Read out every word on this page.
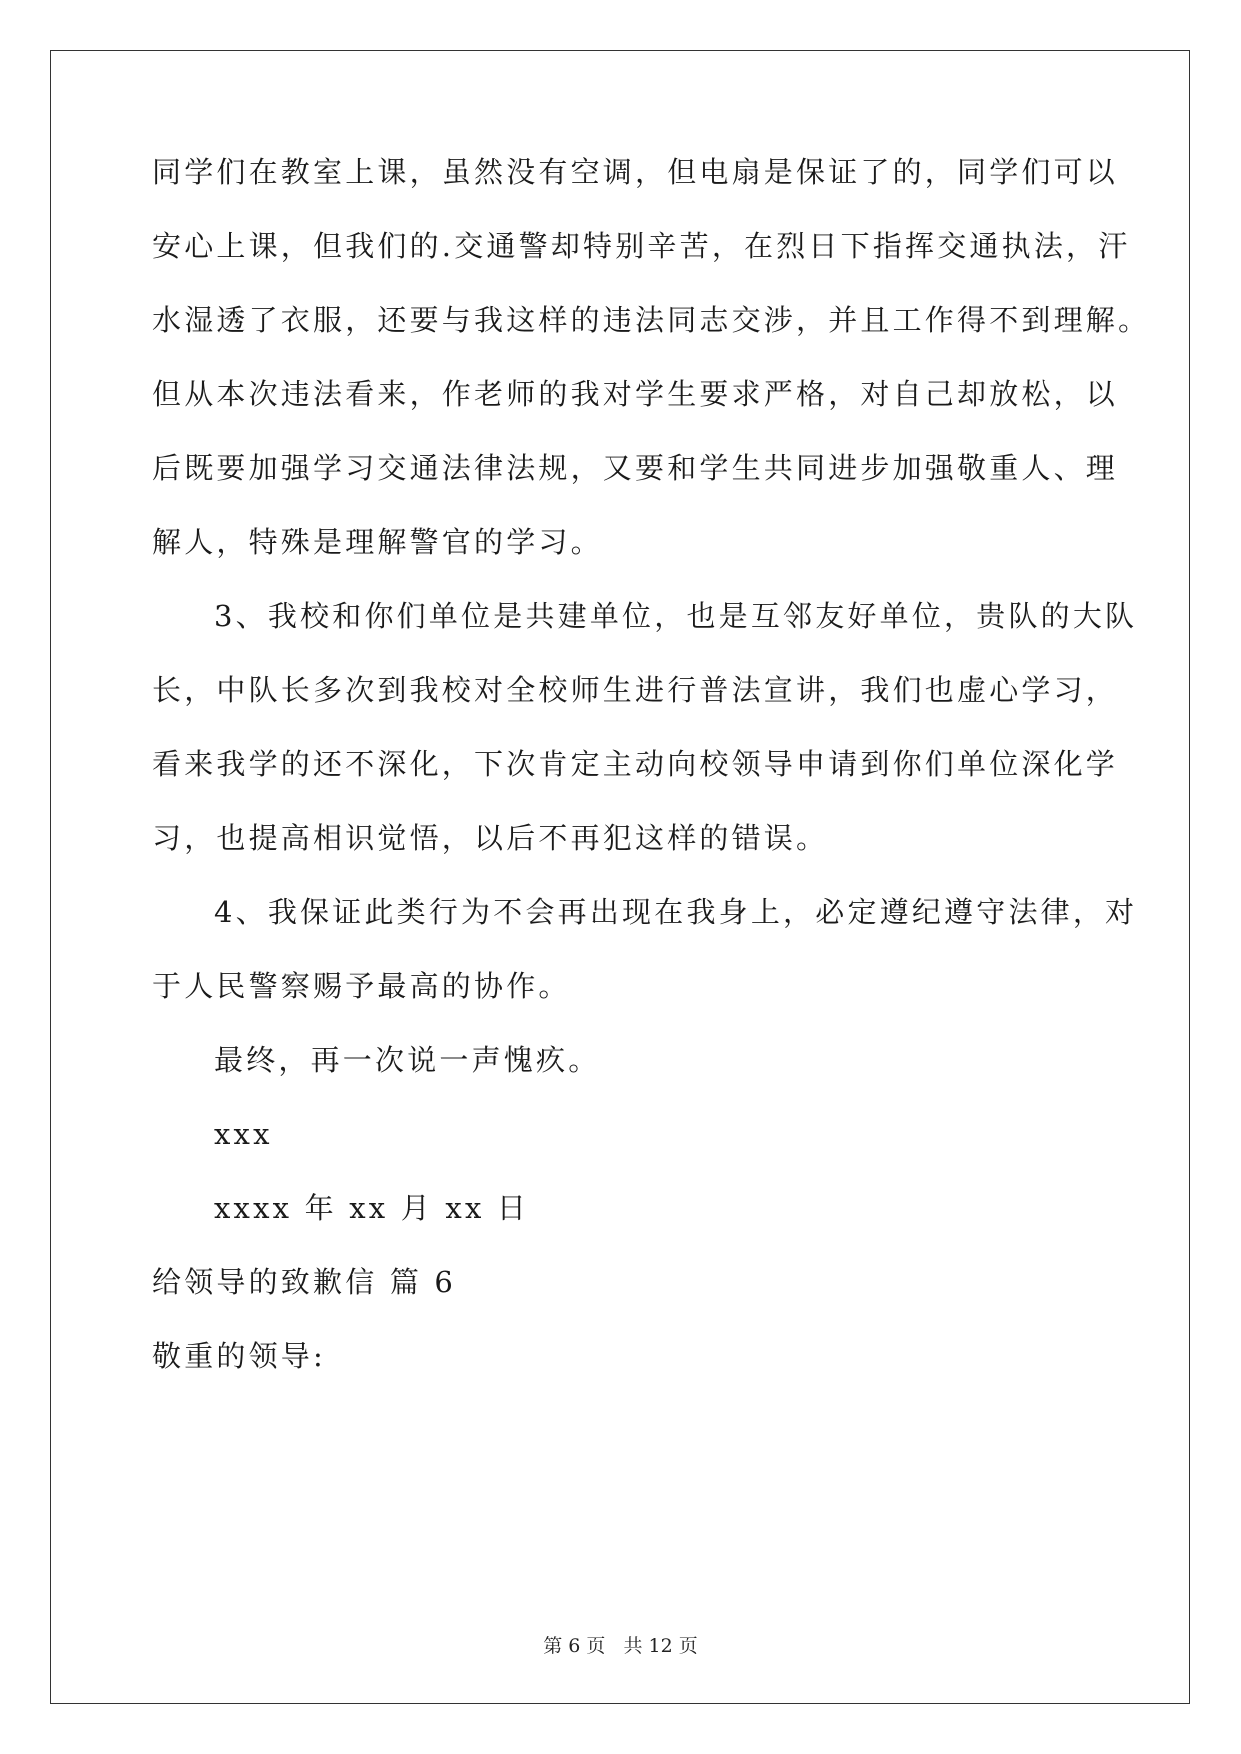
同学们在教室上课，虽然没有空调，但电扇是保证了的，同学们可以
安心上课，但我们的.交通警却特别辛苦，在烈日下指挥交通执法，汗
水湿透了衣服，还要与我这样的违法同志交涉，并且工作得不到理解。
但从本次违法看来，作老师的我对学生要求严格，对自己却放松，以
后既要加强学习交通法律法规，又要和学生共同进步加强敬重人、理
解人，特殊是理解警官的学习。
3、我校和你们单位是共建单位，也是互邻友好单位，贵队的大队
长，中队长多次到我校对全校师生进行普法宣讲，我们也虚心学习，
看来我学的还不深化，下次肯定主动向校领导申请到你们单位深化学
习，也提高相识觉悟，以后不再犯这样的错误。
4、我保证此类行为不会再出现在我身上，必定遵纪遵守法律，对
于人民警察赐予最高的协作。
最终，再一次说一声愧疚。
xxx
xxxx 年 xx 月 xx 日
给领导的致歉信 篇 6
敬重的领导:
第 6 页 共 12 页
